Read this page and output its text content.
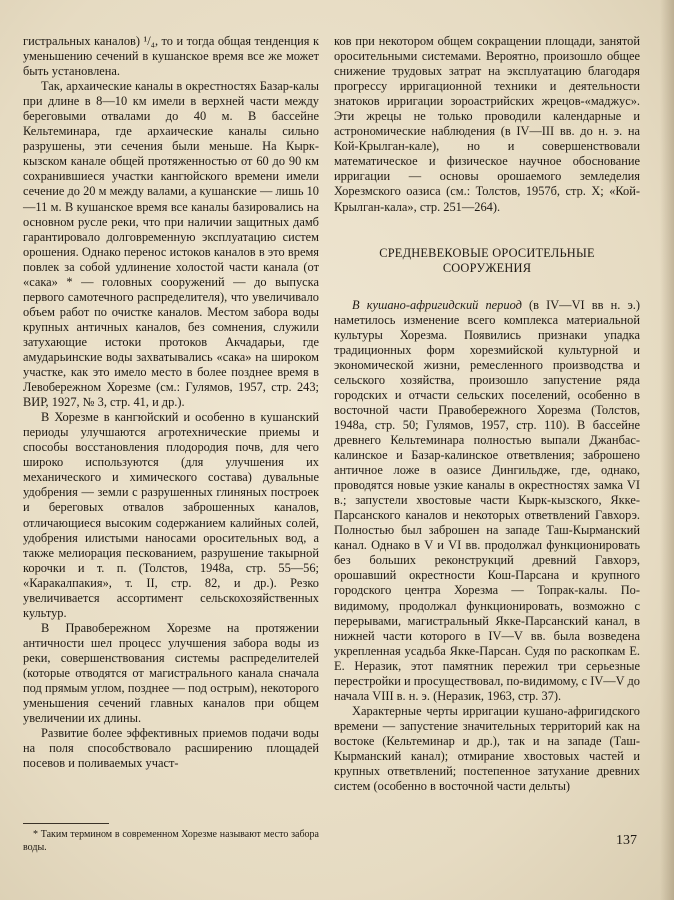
гистральных каналов) ¹/₄, то и тогда общая тенденция к уменьшению сечений в кушанское время все же может быть установлена.

Так, архаические каналы в окрестностях Базар-калы при длине в 8—10 км имели в верхней части между береговыми отвалами до 40 м. В бассейне Кельтеминара, где архаические каналы сильно разрушены, эти сечения были меньше. На Кырк-кызском канале общей протяженностью от 60 до 90 км сохранившиеся участки кангюйского времени имели сечение до 20 м между валами, а кушанские — лишь 10—11 м. В кушанское время все каналы базировались на основном русле реки, что при наличии защитных дамб гарантировало долговременную эксплуатацию систем орошения. Однако перенос истоков каналов в это время повлек за собой удлинение холостой части канала (от «сака» * — головных сооружений — до выпуска первого самотечного распределителя), что увеличивало объем работ по очистке каналов. Местом забора воды крупных античных каналов, без сомнения, служили затухающие истоки протоков Акчадарьи, где амударьинские воды захватывались «сака» на широком участке, как это имело место в более позднее время в Левобережном Хорезме (см.: Гулямов, 1957, стр. 243; ВИР, 1927, № 3, стр. 41, и др.).

В Хорезме в кангюйский и особенно в кушанский периоды улучшаются агротехнические приемы и способы восстановления плодородия почв, для чего широко используются (для улучшения их механического и химического состава) дувальные удобрения — земли с разрушенных глиняных построек и береговых отвалов заброшенных каналов, отличающиеся высоким содержанием калийных солей, удобрения илистыми наносами оросительных вод, а также мелиорация пескованием, разрушение такырной корочки и т. п. (Толстов, 1948а, стр. 55—56; «Каракалпакия», т. II, стр. 82, и др.). Резко увеличивается ассортимент сельскохозяйственных культур.

В Правобережном Хорезме на протяжении античности шел процесс улучшения забора воды из реки, совершенствования системы распределителей (которые отводятся от магистрального канала сначала под прямым углом, позднее — под острым), некоторого уменьшения сечений главных каналов при общем увеличении их длины.

Развитие более эффективных приемов подачи воды на поля способствовало расширению площадей посевов и поливаемых участ-

* Таким термином в современном Хорезме называют место забора воды.

ков при некотором общем сокращении площади, занятой оросительными системами. Вероятно, произошло общее снижение трудовых затрат на эксплуатацию благодаря прогрессу ирригационной техники и деятельности знатоков ирригации зороастрийских жрецов-«маджус». Эти жрецы не только проводили календарные и астрономические наблюдения (в IV—III вв. до н. э. на Кой-Крылган-кале), но и совершенствовали математическое и физическое научное обоснование ирригации — основы орошаемого земледелия Хорезмского оазиса (см.: Толстов, 1957б, стр. X; «Кой-Крылган-кала», стр. 251—264).

СРЕДНЕВЕКОВЫЕ ОРОСИТЕЛЬНЫЕ
СООРУЖЕНИЯ

В кушано-афригидский период (в IV—VI вв н. э.) наметилось изменение всего комплекса материальной культуры Хорезма. Появились признаки упадка традиционных форм хорезмийской культурной и экономической жизни, ремесленного производства и сельского хозяйства, произошло запустение ряда городских и отчасти сельских поселений, особенно в восточной части Правобережного Хорезма (Толстов, 1948а, стр. 50; Гулямов, 1957, стр. 110). В бассейне древнего Кельтеминара полностью выпали Джанбас-калинское и Базар-калинское ответвления; заброшено античное ложе в оазисе Дингильдже, где, однако, проводятся новые узкие каналы в окрестностях замка VI в.; запустели хвостовые части Кырк-кызского, Якке-Парсанского каналов и некоторых ответвлений Гавхорэ. Полностью был заброшен на западе Таш-Кырманский канал. Однако в V и VI вв. продолжал функционировать без больших реконструкций древний Гавхорэ, орошавший окрестности Кош-Парсана и крупного городского центра Хорезма — Топрак-калы. По-видимому, продолжал функционировать, возможно с перерывами, магистральный Якке-Парсанский канал, в нижней части которого в IV—V вв. была возведена укрепленная усадьба Якке-Парсан. Судя по раскопкам Е. Е. Неразик, этот памятник пережил три серьезные перестройки и просуществовал, по-видимому, с IV—V до начала VIII в. н. э. (Неразик, 1963, стр. 37).

Характерные черты ирригации кушано-афригидского времени — запустение значительных территорий как на востоке (Кельтеминар и др.), так и на западе (Таш-Кырманский канал); отмирание хвостовых частей и крупных ответвлений; постепенное затухание древних систем (особенно в восточной части дельты)

137
